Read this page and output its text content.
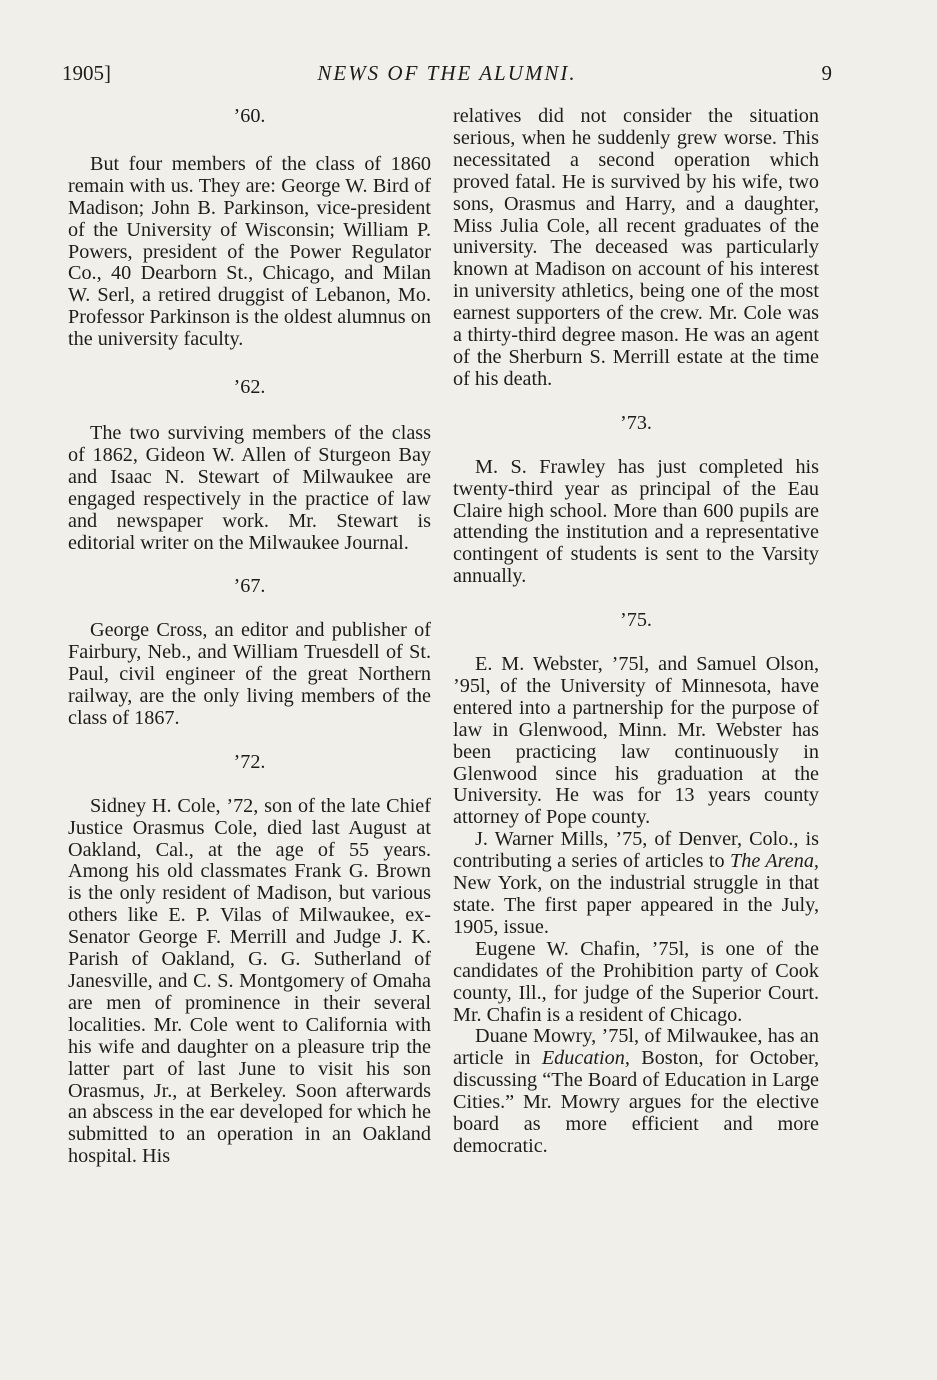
1905]	NEWS OF THE ALUMNI.	9
’60.

But four members of the class of 1860 remain with us. They are: George W. Bird of Madison; John B. Parkinson, vice-president of the University of Wisconsin; William P. Powers, president of the Power Regulator Co., 40 Dearborn St., Chicago, and Milan W. Serl, a retired druggist of Lebanon, Mo. Professor Parkinson is the oldest alumnus on the university faculty.

’62.

The two surviving members of the class of 1862, Gideon W. Allen of Sturgeon Bay and Isaac N. Stewart of Milwaukee are engaged respectively in the practice of law and newspaper work. Mr. Stewart is editorial writer on the Milwaukee Journal.

’67.

George Cross, an editor and publisher of Fairbury, Neb., and William Truesdell of St. Paul, civil engineer of the great Northern railway, are the only living members of the class of 1867.

’72.

Sidney H. Cole, ’72, son of the late Chief Justice Orasmus Cole, died last August at Oakland, Cal., at the age of 55 years. Among his old classmates Frank G. Brown is the only resident of Madison, but various others like E. P. Vilas of Milwaukee, ex-Senator George F. Merrill and Judge J. K. Parish of Oakland, G. G. Sutherland of Janesville, and C. S. Montgomery of Omaha are men of prominence in their several localities. Mr. Cole went to California with his wife and daughter on a pleasure trip the latter part of last June to visit his son Orasmus, Jr., at Berkeley. Soon afterwards an abscess in the ear developed for which he submitted to an operation in an Oakland hospital. His

relatives did not consider the situation serious, when he suddenly grew worse. This necessitated a second operation which proved fatal. He is survived by his wife, two sons, Orasmus and Harry, and a daughter, Miss Julia Cole, all recent graduates of the university. The deceased was particularly known at Madison on account of his interest in university athletics, being one of the most earnest supporters of the crew. Mr. Cole was a thirty-third degree mason. He was an agent of the Sherburn S. Merrill estate at the time of his death.

’73.

M. S. Frawley has just completed his twenty-third year as principal of the Eau Claire high school. More than 600 pupils are attending the institution and a representative contingent of students is sent to the Varsity annually.

’75.

E. M. Webster, ’75l, and Samuel Olson, ’95l, of the University of Minnesota, have entered into a partnership for the purpose of law in Glenwood, Minn. Mr. Webster has been practicing law continuously in Glenwood since his graduation at the University. He was for 13 years county attorney of Pope county.

J. Warner Mills, ’75, of Denver, Colo., is contributing a series of articles to The Arena, New York, on the industrial struggle in that state. The first paper appeared in the July, 1905, issue.

Eugene W. Chafin, ’75l, is one of the candidates of the Prohibition party of Cook county, Ill., for judge of the Superior Court. Mr. Chafin is a resident of Chicago.

Duane Mowry, ’75l, of Milwaukee, has an article in Education, Boston, for October, discussing “The Board of Education in Large Cities.” Mr. Mowry argues for the elective board as more efficient and more democratic.
